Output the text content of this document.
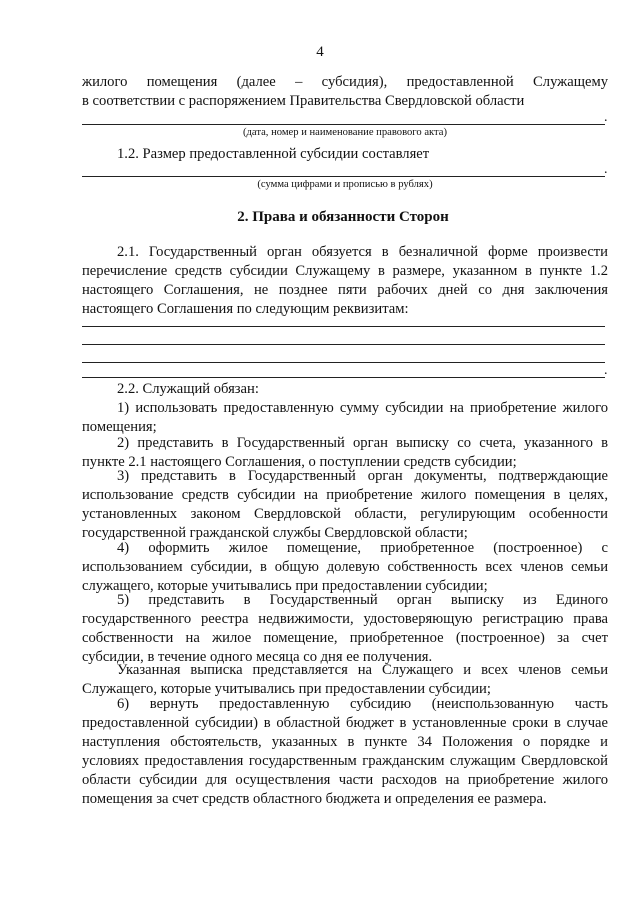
4

жилого помещения (далее – субсидия), предоставленной Служащему

в соответствии с распоряжением Правительства Свердловской области

.
(дата, номер и наименование правового акта)

1.2. Размер предоставленной субсидии составляет

.
(сумма цифрами и прописью в рублях)
2. Права и обязанности Сторон

2.1. Государственный орган обязуется в безналичной форме произвести перечисление средств субсидии Служащему в размере, указанном в пункте 1.2 настоящего Соглашения, не позднее пяти рабочих дней со дня заключения настоящего Соглашения по следующим реквизитам:

.

2.2. Служащий обязан:

1) использовать предоставленную сумму субсидии на приобретение жилого помещения;

2) представить в Государственный орган выписку со счета, указанного в пункте 2.1 настоящего Соглашения, о поступлении средств субсидии;

3) представить в Государственный орган документы, подтверждающие использование средств субсидии на приобретение жилого помещения в целях, установленных законом Свердловской области, регулирующим особенности государственной гражданской службы Свердловской области;

4) оформить жилое помещение, приобретенное (построенное) с использованием субсидии, в общую долевую собственность всех членов семьи служащего, которые учитывались при предоставлении субсидии;

5) представить в Государственный орган выписку из Единого государственного реестра недвижимости, удостоверяющую регистрацию права собственности на жилое помещение, приобретенное (построенное) за счет субсидии, в течение одного месяца со дня ее получения.

Указанная выписка представляется на Служащего и всех членов семьи Служащего, которые учитывались при предоставлении субсидии;

6) вернуть предоставленную субсидию (неиспользованную часть предоставленной субсидии) в областной бюджет в установленные сроки в случае наступления обстоятельств, указанных в пункте 34 Положения о порядке и условиях предоставления государственным гражданским служащим Свердловской области субсидии для осуществления части расходов на приобретение жилого помещения за счет средств областного бюджета и определения ее размера.
